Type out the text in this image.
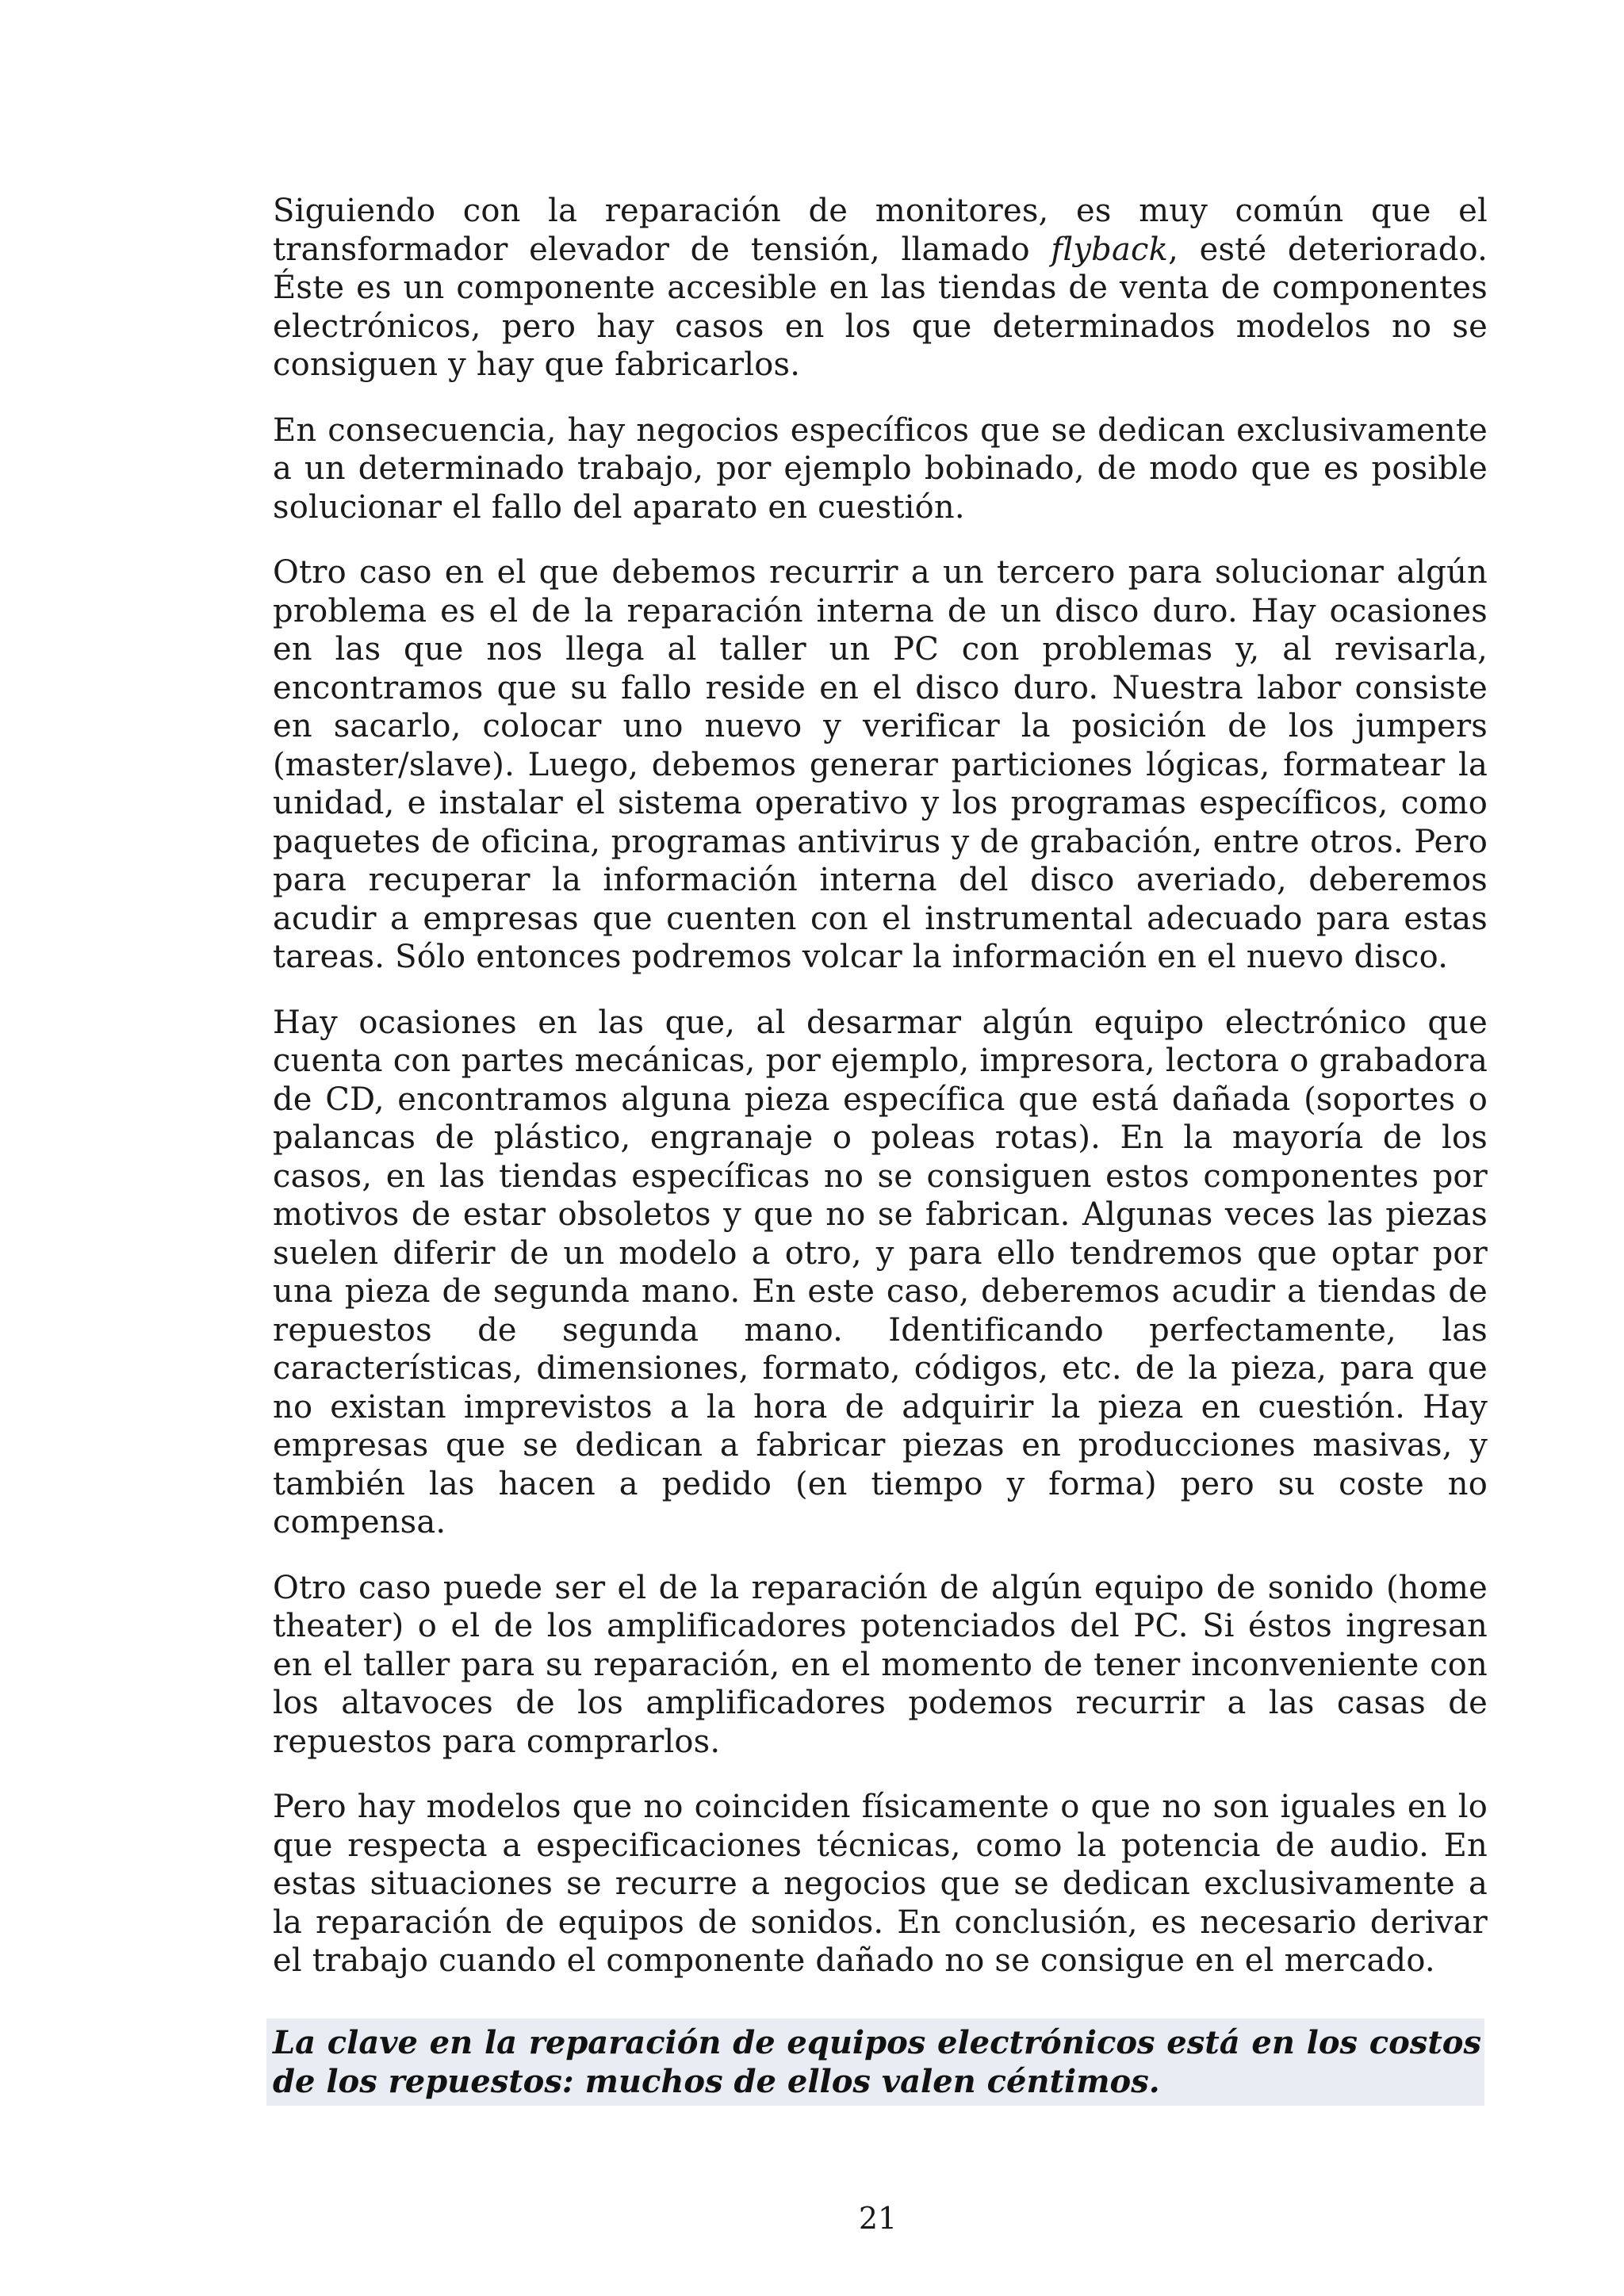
Siguiendo con la reparación de monitores, es muy común que el transformador elevador de tensión, llamado flyback, esté deteriorado. Éste es un componente accesible en las tiendas de venta de componentes electrónicos, pero hay casos en los que determinados modelos no se consiguen y hay que fabricarlos.

En consecuencia, hay negocios específicos que se dedican exclusivamente a un determinado trabajo, por ejemplo bobinado, de modo que es posible solucionar el fallo del aparato en cuestión.

Otro caso en el que debemos recurrir a un tercero para solucionar algún problema es el de la reparación interna de un disco duro. Hay ocasiones en las que nos llega al taller un PC con problemas y, al revisarla, encontramos que su fallo reside en el disco duro. Nuestra labor consiste en sacarlo, colocar uno nuevo y verificar la posición de los jumpers (master/slave). Luego, debemos generar particiones lógicas, formatear la unidad, e instalar el sistema operativo y los programas específicos, como paquetes de oficina, programas antivirus y de grabación, entre otros. Pero para recuperar la información interna del disco averiado, deberemos acudir a empresas que cuenten con el instrumental adecuado para estas tareas. Sólo entonces podremos volcar la información en el nuevo disco.

Hay ocasiones en las que, al desarmar algún equipo electrónico que cuenta con partes mecánicas, por ejemplo, impresora, lectora o grabadora de CD, encontramos alguna pieza específica que está dañada (soportes o palancas de plástico, engranaje o poleas rotas). En la mayoría de los casos, en las tiendas específicas no se consiguen estos componentes por motivos de estar obsoletos y que no se fabrican. Algunas veces las piezas suelen diferir de un modelo a otro, y para ello tendremos que optar por una pieza de segunda mano. En este caso, deberemos acudir a tiendas de repuestos de segunda mano. Identificando perfectamente, las características, dimensiones, formato, códigos, etc. de la pieza, para que no existan imprevistos a la hora de adquirir la pieza en cuestión. Hay empresas que se dedican a fabricar piezas en producciones masivas, y también las hacen a pedido (en tiempo y forma) pero su coste no compensa.

Otro caso puede ser el de la reparación de algún equipo de sonido (home theater) o el de los amplificadores potenciados del PC. Si éstos ingresan en el taller para su reparación, en el momento de tener inconveniente con los altavoces de los amplificadores podemos recurrir a las casas de repuestos para comprarlos.

Pero hay modelos que no coinciden físicamente o que no son iguales en lo que respecta a especificaciones técnicas, como la potencia de audio. En estas situaciones se recurre a negocios que se dedican exclusivamente a la reparación de equipos de sonidos. En conclusión, es necesario derivar el trabajo cuando el componente dañado no se consigue en el mercado.

La clave en la reparación de equipos electrónicos está en los costos de los repuestos: muchos de ellos valen céntimos.

21
